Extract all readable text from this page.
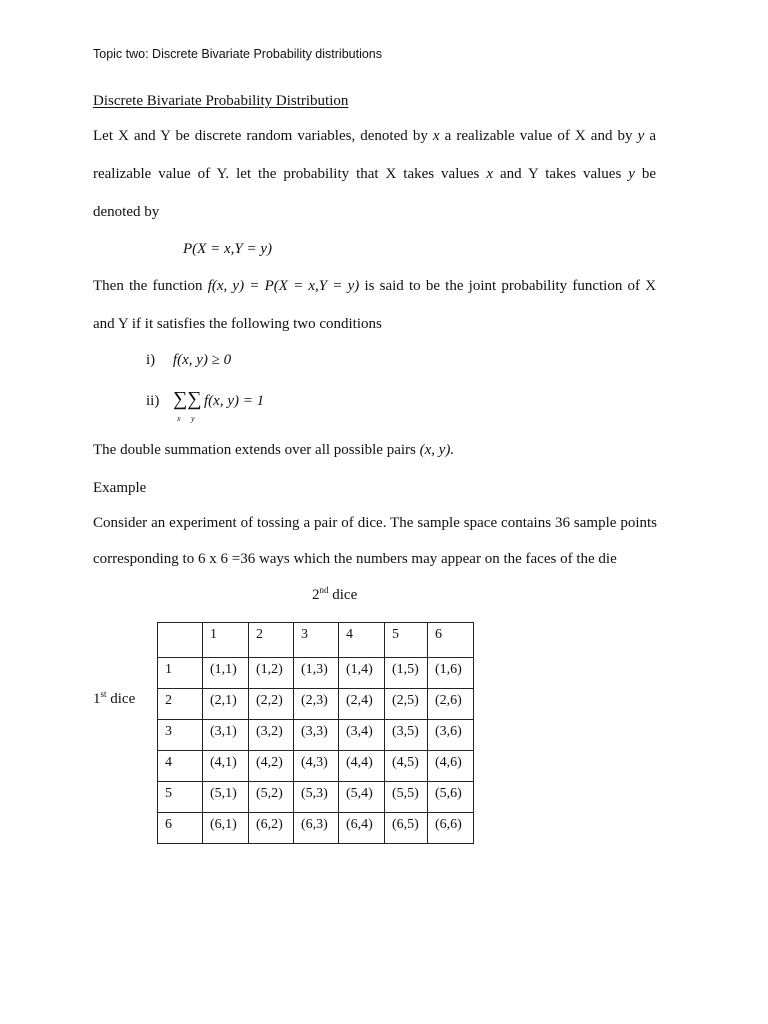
Topic two: Discrete Bivariate Probability distributions
Discrete Bivariate Probability Distribution
Let X and Y be discrete random variables, denoted by x a realizable value of X and by y a
realizable value of Y. let the probability that X takes values x and Y takes values y be
denoted by
P(X = x,Y = y)
Then the function f(x, y) = P(X = x,Y = y) is said to be the joint probability function of X
and Y if it satisfies the following two conditions
i) f(x, y) ≥ 0
ii) ∑∑
x y
f(x, y) = 1
The double summation extends over all possible pairs (x, y).
Example
Consider an experiment of tossing a pair of dice. The sample space contains 36 sample points
corresponding to 6 x 6 =36 ways which the numbers may appear on the faces of the die
2nd dice
1st dice
	1	2	3	4	5	6
1	(1,1)	(1,2)	(1,3)	(1,4)	(1,5)	(1,6)
2	(2,1)	(2,2)	(2,3)	(2,4)	(2,5)	(2,6)
3	(3,1)	(3,2)	(3,3)	(3,4)	(3,5)	(3,6)
4	(4,1)	(4,2)	(4,3)	(4,4)	(4,5)	(4,6)
5	(5,1)	(5,2)	(5,3)	(5,4)	(5,5)	(5,6)
6	(6,1)	(6,2)	(6,3)	(6,4)	(6,5)	(6,6)
